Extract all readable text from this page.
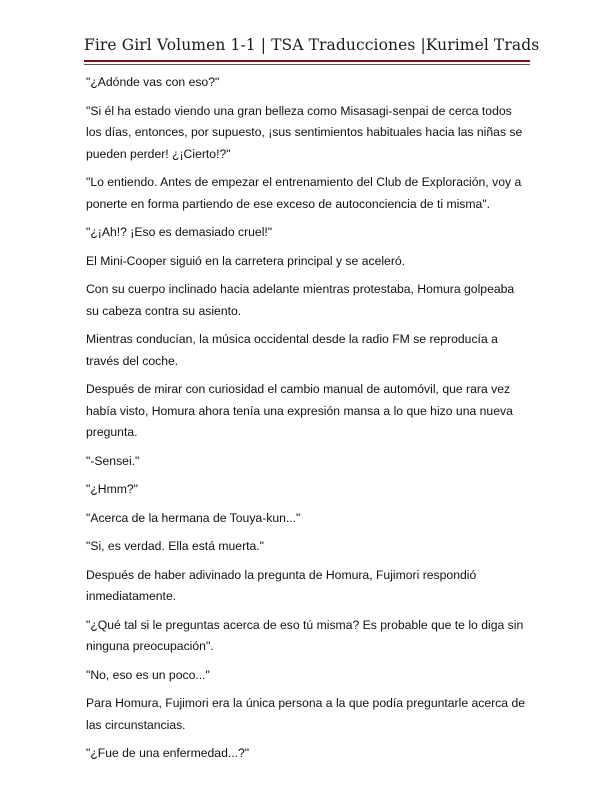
Fire Girl Volumen 1-1 | TSA Traducciones |Kurimel Trads

"¿Adónde vas con eso?"

"Si él ha estado viendo una gran belleza como Misasagi-senpai de cerca todos los días, entonces, por supuesto, ¡sus sentimientos habituales hacia las niñas se pueden perder! ¿¡Cierto!?"

"Lo entiendo. Antes de empezar el entrenamiento del Club de Exploración, voy a ponerte en forma partiendo de ese exceso de autoconciencia de ti misma".

"¿¡Ah!? ¡Eso es demasiado cruel!"

El Mini-Cooper siguió en la carretera principal y se aceleró.

Con su cuerpo inclinado hacia adelante mientras protestaba, Homura golpeaba su cabeza contra su asiento.

Mientras conducían, la música occidental desde la radio FM se reproducía a través del coche.

Después de mirar con curiosidad el cambio manual de automóvil, que rara vez había visto, Homura ahora tenía una expresión mansa a lo que hizo una nueva pregunta.

"-Sensei."

"¿Hmm?"

"Acerca de la hermana de Touya-kun..."

"Si, es verdad. Ella está muerta."

Después de haber adivinado la pregunta de Homura, Fujimori respondió inmediatamente.

"¿Qué tal si le preguntas acerca de eso tú misma? Es probable que te lo diga sin ninguna preocupación".

"No, eso es un poco..."

Para Homura, Fujimori era la única persona a la que podía preguntarle acerca de las circunstancias.

"¿Fue de una enfermedad...?"
